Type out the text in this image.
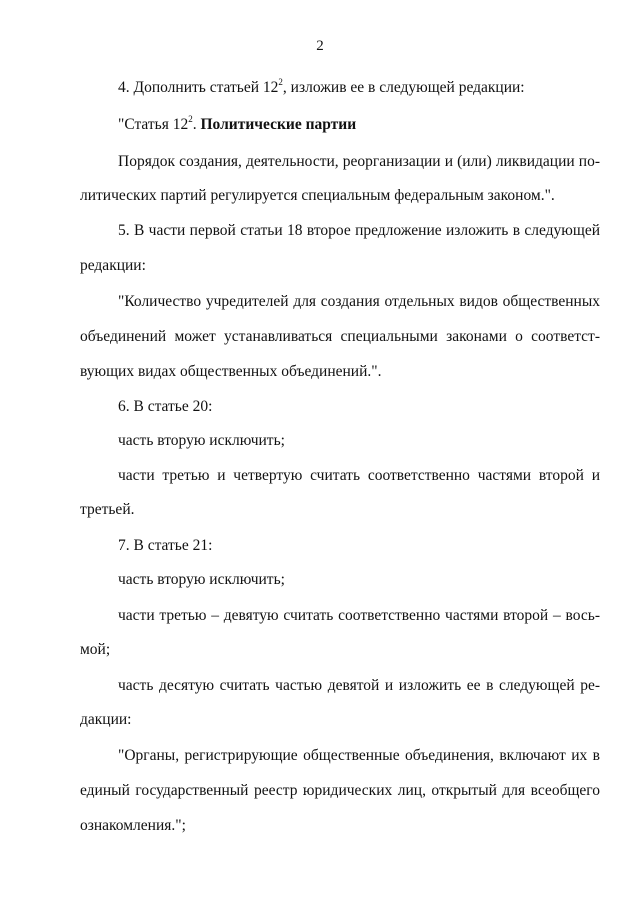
2
4. Дополнить статьей $12^2$, изложив ее в следующей редакции:
"Статья $12^2$. Политические партии
Порядок создания, деятельности, реорганизации и (или) ликвидации по-
литических партий регулируется специальным федеральным законом.".
5. В части первой статьи 18 второе предложение изложить в следующей
редакции:
"Количество учредителей для создания отдельных видов общественных
объединений может устанавливаться специальными законами о соответст-
вующих видах общественных объединений.".
6. В статье 20:
часть вторую исключить;
части третью и четвертую считать соответственно частями второй и
третьей.
7. В статье 21:
часть вторую исключить;
части третью – девятую считать соответственно частями второй – вось-
мой;
часть десятую считать частью девятой и изложить ее в следующей ре-
дакции:
"Органы, регистрирующие общественные объединения, включают их в
единый государственный реестр юридических лиц, открытый для всеобщего
ознакомления.";
